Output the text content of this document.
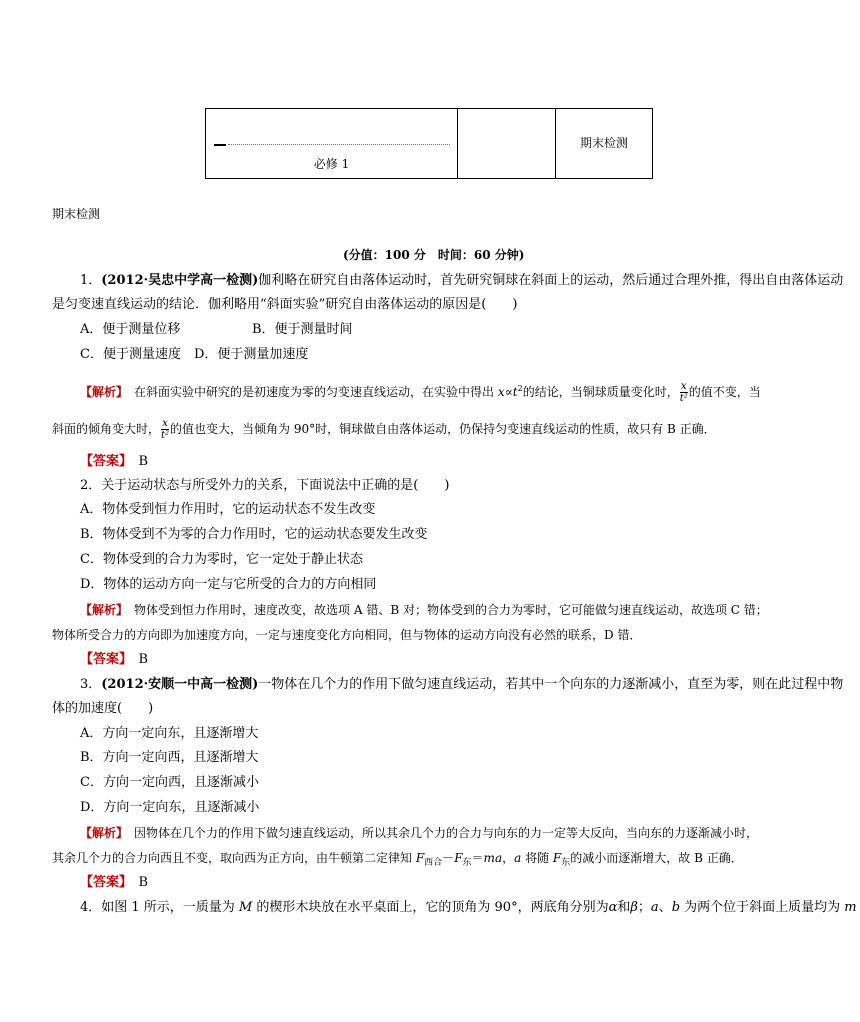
必修 1
期末检测
期末检测
(分值：100 分　时间：60 分钟)
1．(2012·吴忠中学高一检测)伽利略在研究自由落体运动时，首先研究铜球在斜面上的运动，然后通过合理外推，得出自由落体运动
是匀变速直线运动的结论．伽利略用“斜面实验”研究自由落体运动的原因是(　　)
A．便于测量位移	B．便于测量时间
C．便于测量速度　D．便于测量加速度
【解析】　 在斜面实验中研究的是初速度为零的匀变速直线运动，在实验中得出 $x\propto t^2$的结论，当铜球质量变化时， $\frac{x}{\text{t²}}$ 的值不变，当
斜面的倾角变大时， $\frac{x}{\text{t²}}$ 的值也变大，当倾角为 90°时，铜球做自由落体运动，仍保持匀变速直线运动的性质，故只有 B 正确．
【答案】　 B
2．关于运动状态与所受外力的关系，下面说法中正确的是(　　)
A．物体受到恒力作用时，它的运动状态不发生改变
B．物体受到不为零的合力作用时，它的运动状态要发生改变
C．物体受到的合力为零时，它一定处于静止状态
D．物体的运动方向一定与它所受的合力的方向相同
【解析】　 物体受到恒力作用时，速度改变，故选项 A 错、B 对；物体受到的合力为零时，它可能做匀速直线运动，故选项 C 错；
物体所受合力的方向即为加速度方向，一定与速度变化方向相同，但与物体的运动方向没有必然的联系，D 错．
【答案】　 B
3．(2012·安顺一中高一检测)一物体在几个力的作用下做匀速直线运动，若其中一个向东的力逐渐减小，直至为零，则在此过程中物
体的加速度(　　)
A．方向一定向东，且逐渐增大
B．方向一定向西，且逐渐增大
C．方向一定向西，且逐渐减小
D．方向一定向东，且逐渐减小
【解析】　 因物体在几个力的作用下做匀速直线运动，所以其余几个力的合力与向东的力一定等大反向，当向东的力逐渐减小时，
其余几个力的合力向西且不变，取向西为正方向，由牛顿第二定律知 $F_{西合}-F_东=ma$，a 将随 $F_东$的减小而逐渐增大，故 B 正确．
【答案】　 B
4．如图 1 所示，一质量为 M 的楔形木块放在水平桌面上，它的顶角为 90°，两底角分别为α和β；a、b 为两个位于斜面上质量均为 m
